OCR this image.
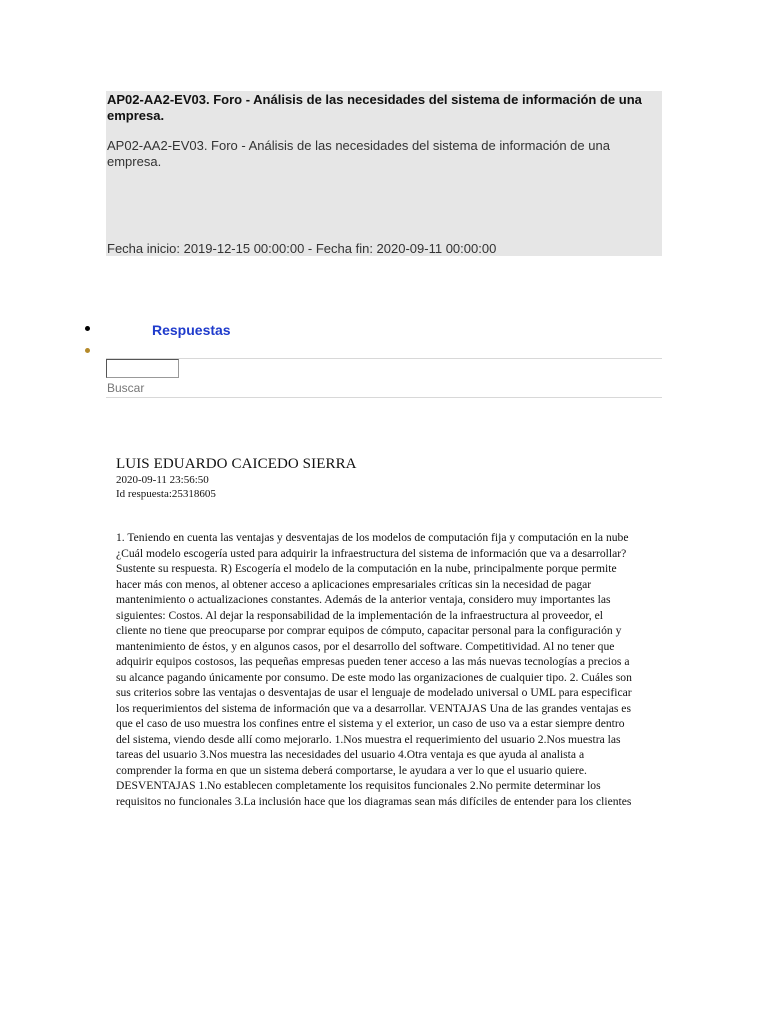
AP02-AA2-EV03. Foro - Análisis de las necesidades del sistema de información de una empresa.
AP02-AA2-EV03. Foro - Análisis de las necesidades del sistema de información de una empresa.
Fecha inicio: 2019-12-15 00:00:00 - Fecha fin: 2020-09-11 00:00:00
Respuestas
Buscar
LUIS EDUARDO CAICEDO SIERRA
2020-09-11 23:56:50
Id respuesta:25318605
1. Teniendo en cuenta las ventajas y desventajas de los modelos de computación fija y computación en la nube ¿Cuál modelo escogería usted para adquirir la infraestructura del sistema de información que va a desarrollar? Sustente su respuesta. R) Escogería el modelo de la computación en la nube, principalmente porque permite hacer más con menos, al obtener acceso a aplicaciones empresariales críticas sin la necesidad de pagar mantenimiento o actualizaciones constantes. Además de la anterior ventaja, considero muy importantes las siguientes: Costos. Al dejar la responsabilidad de la implementación de la infraestructura al proveedor, el cliente no tiene que preocuparse por comprar equipos de cómputo, capacitar personal para la configuración y mantenimiento de éstos, y en algunos casos, por el desarrollo del software. Competitividad. Al no tener que adquirir equipos costosos, las pequeñas empresas pueden tener acceso a las más nuevas tecnologías a precios a su alcance pagando únicamente por consumo. De este modo las organizaciones de cualquier tipo. 2. Cuáles son sus criterios sobre las ventajas o desventajas de usar el lenguaje de modelado universal o UML para especificar los requerimientos del sistema de información que va a desarrollar. VENTAJAS Una de las grandes ventajas es que el caso de uso muestra los confines entre el sistema y el exterior, un caso de uso va a estar siempre dentro del sistema, viendo desde allí como mejorarlo. 1.Nos muestra el requerimiento del usuario 2.Nos muestra las tareas del usuario 3.Nos muestra las necesidades del usuario 4.Otra ventaja es que ayuda al analista a comprender la forma en que un sistema deberá comportarse, le ayudara a ver lo que el usuario quiere. DESVENTAJAS 1.No establecen completamente los requisitos funcionales 2.No permite determinar los requisitos no funcionales 3.La inclusión hace que los diagramas sean más difíciles de entender para los clientes
